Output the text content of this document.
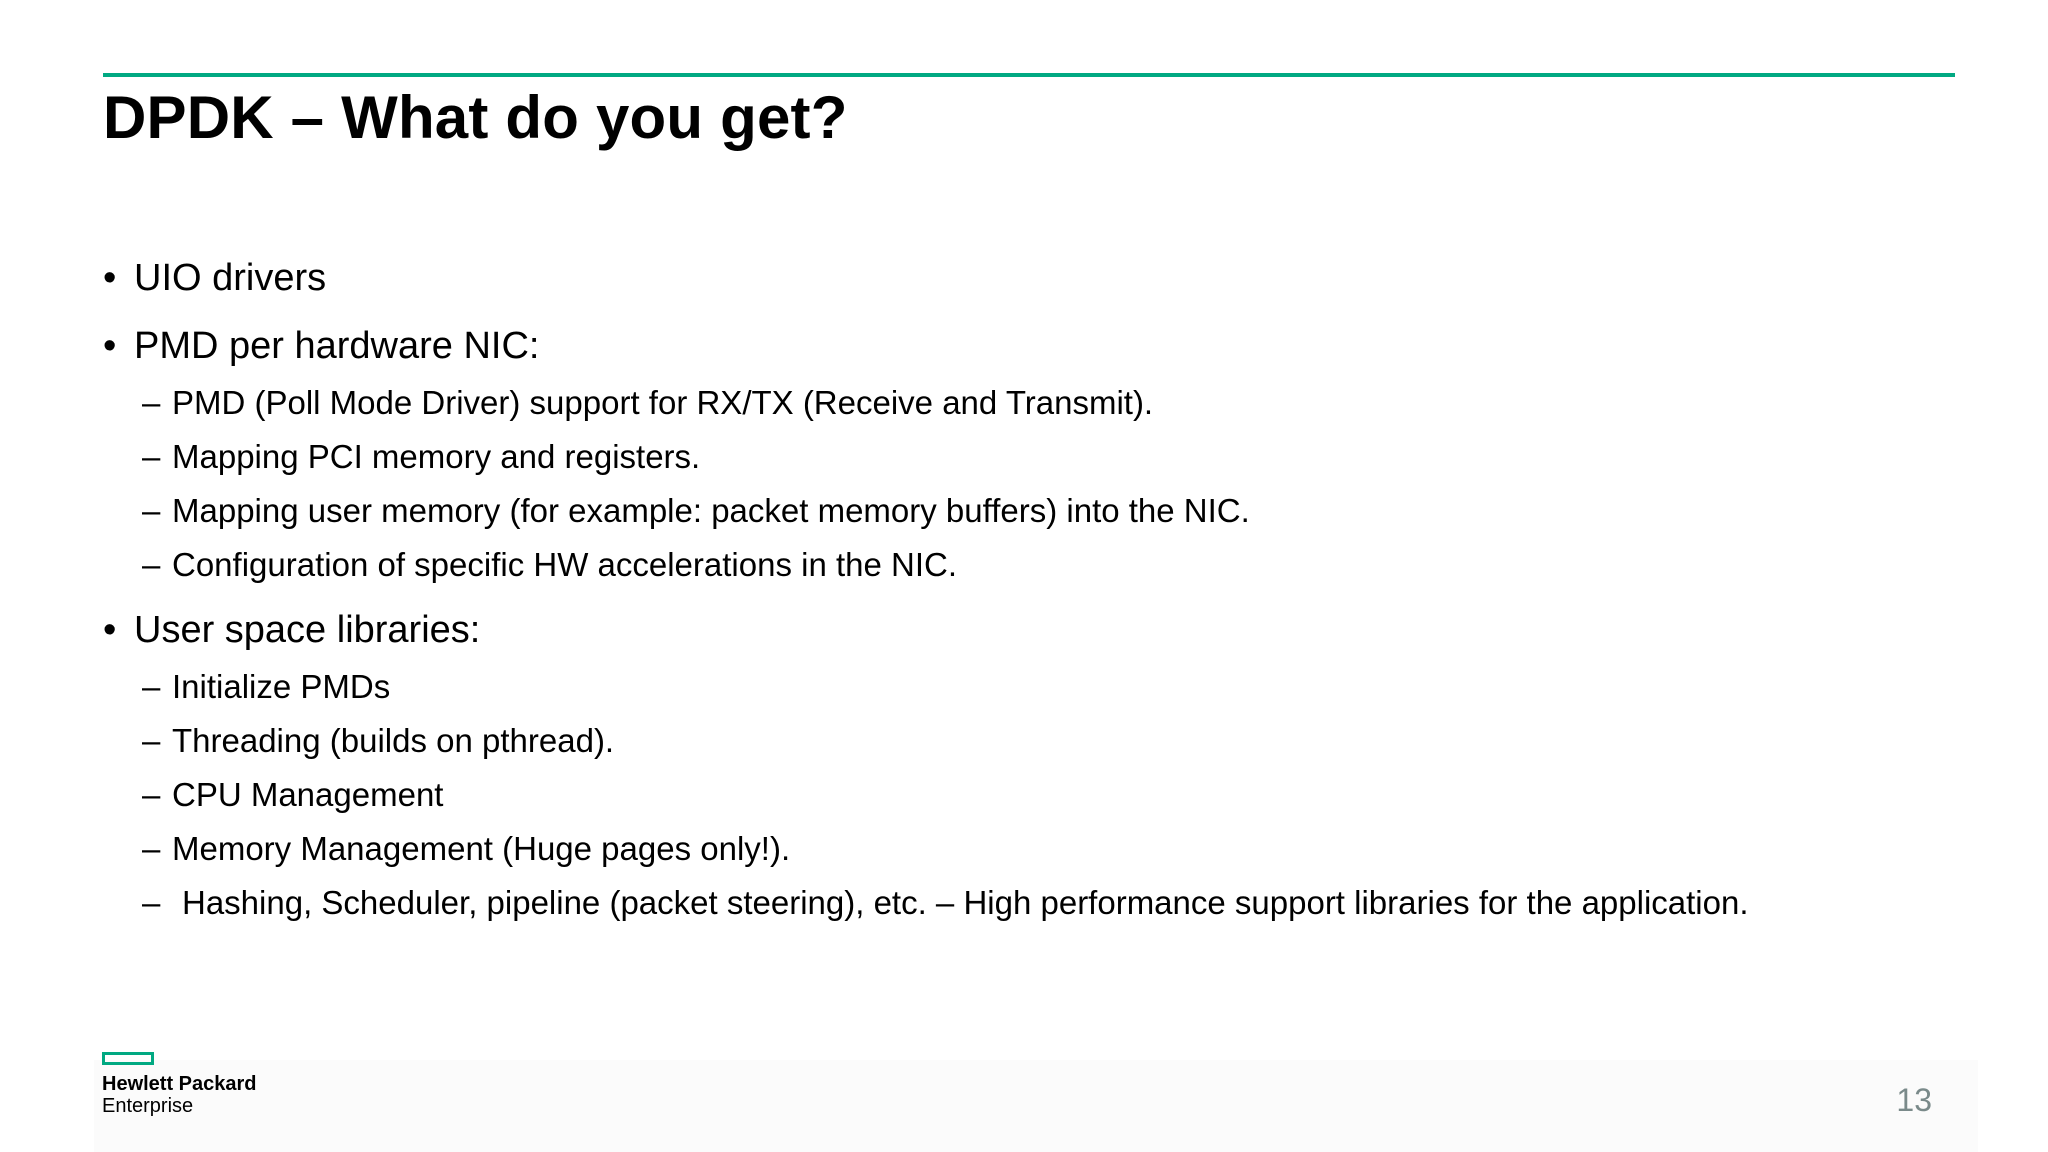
DPDK – What do you get?
• UIO drivers
• PMD per hardware NIC:
– PMD (Poll Mode Driver) support for RX/TX (Receive and Transmit).
– Mapping PCI memory and registers.
– Mapping user memory (for example: packet memory buffers) into the NIC.
– Configuration of specific HW accelerations in the NIC.
• User space libraries:
– Initialize PMDs
– Threading (builds on pthread).
– CPU Management
– Memory Management (Huge pages only!).
– Hashing, Scheduler, pipeline (packet steering), etc. – High performance support libraries for the application.
Hewlett Packard
Enterprise	13
